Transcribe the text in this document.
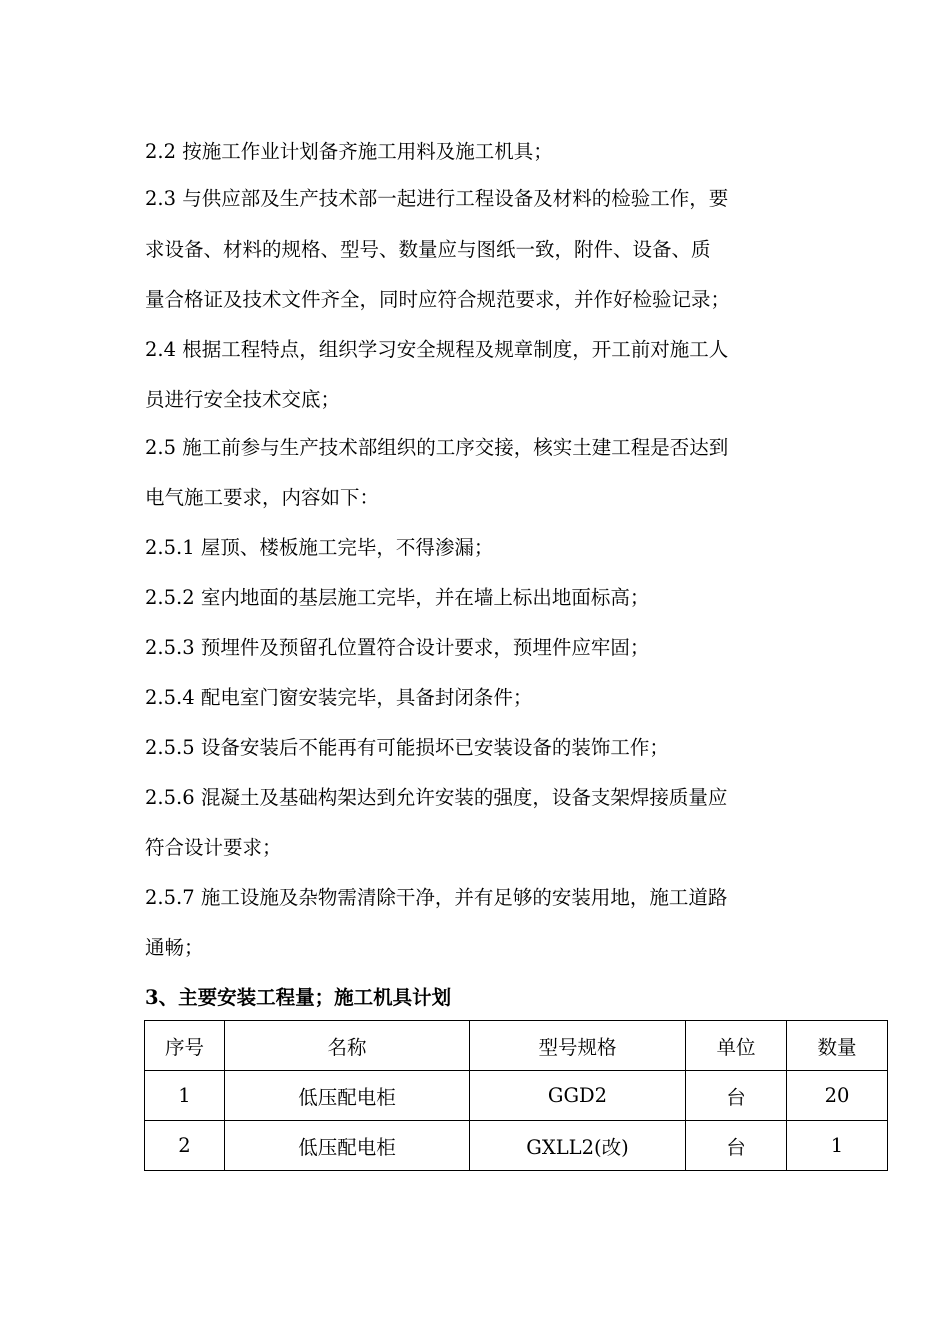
2.2 按施工作业计划备齐施工用料及施工机具；

2.3 与供应部及生产技术部一起进行工程设备及材料的检验工作，要

求设备、材料的规格、型号、数量应与图纸一致，附件、设备、质

量合格证及技术文件齐全，同时应符合规范要求，并作好检验记录；

2.4 根据工程特点，组织学习安全规程及规章制度，开工前对施工人

员进行安全技术交底；

2.5 施工前参与生产技术部组织的工序交接，核实土建工程是否达到

电气施工要求，内容如下：

2.5.1 屋顶、楼板施工完毕，不得渗漏；

2.5.2 室内地面的基层施工完毕，并在墙上标出地面标高；

2.5.3 预埋件及预留孔位置符合设计要求，预埋件应牢固；

2.5.4 配电室门窗安装完毕，具备封闭条件；

2.5.5 设备安装后不能再有可能损坏已安装设备的装饰工作；

2.5.6 混凝土及基础构架达到允许安装的强度，设备支架焊接质量应

符合设计要求；

2.5.7 施工设施及杂物需清除干净，并有足够的安装用地，施工道路

通畅；

3、主要安装工程量；施工机具计划

序号	名称	型号规格	单位	数量
1	低压配电柜	GGD2	台	20
2	低压配电柜	GXLL2(改)	台	1
